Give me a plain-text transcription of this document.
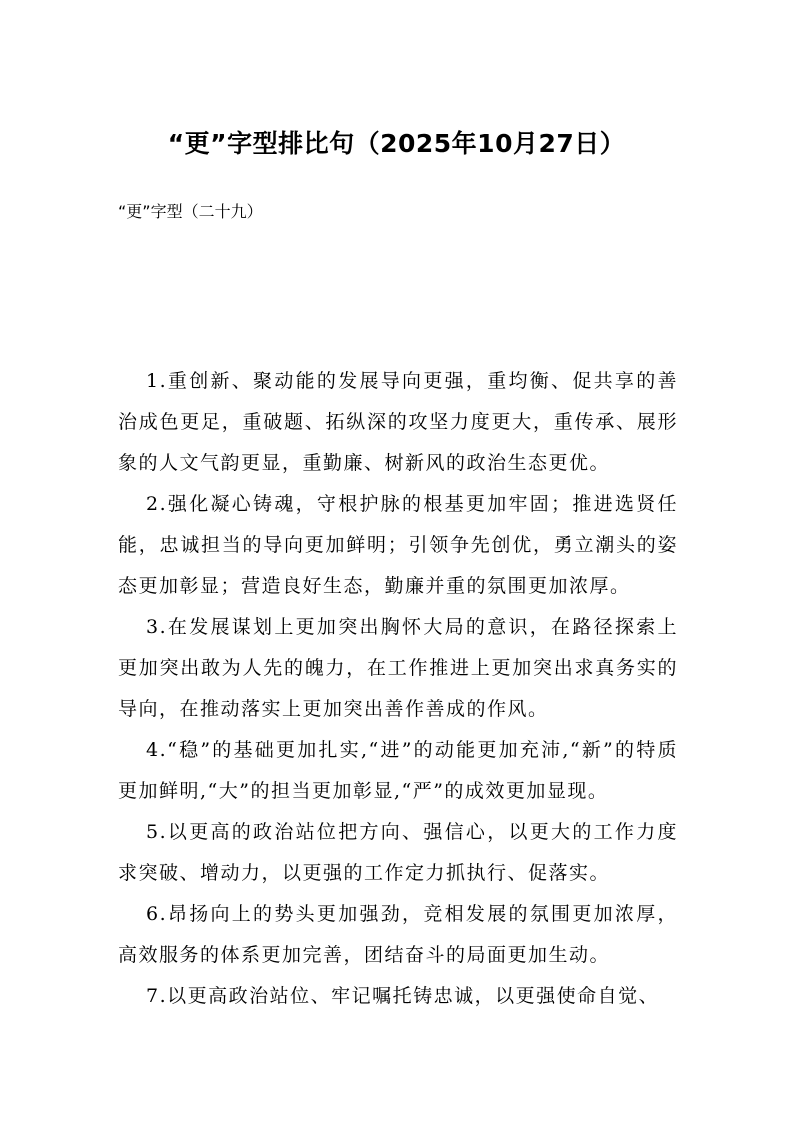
“更”字型排比句（2025年10月27日）
“更”字型（二十九）
1.重创新、聚动能的发展导向更强，重均衡、促共享的善治成色更足，重破题、拓纵深的攻坚力度更大，重传承、展形象的人文气韵更显，重勤廉、树新风的政治生态更优。
2.强化凝心铸魂，守根护脉的根基更加牢固；推进选贤任能，忠诚担当的导向更加鲜明；引领争先创优，勇立潮头的姿态更加彰显；营造良好生态，勤廉并重的氛围更加浓厚。
3.在发展谋划上更加突出胸怀大局的意识，在路径探索上更加突出敢为人先的魄力，在工作推进上更加突出求真务实的导向，在推动落实上更加突出善作善成的作风。
4.“稳”的基础更加扎实,“进”的动能更加充沛,“新”的特质更加鲜明,“大”的担当更加彰显,“严”的成效更加显现。
5.以更高的政治站位把方向、强信心，以更大的工作力度求突破、增动力，以更强的工作定力抓执行、促落实。
6.昂扬向上的势头更加强劲，竞相发展的氛围更加浓厚，高效服务的体系更加完善，团结奋斗的局面更加生动。
7.以更高政治站位、牢记嘱托铸忠诚，以更强使命自觉、
